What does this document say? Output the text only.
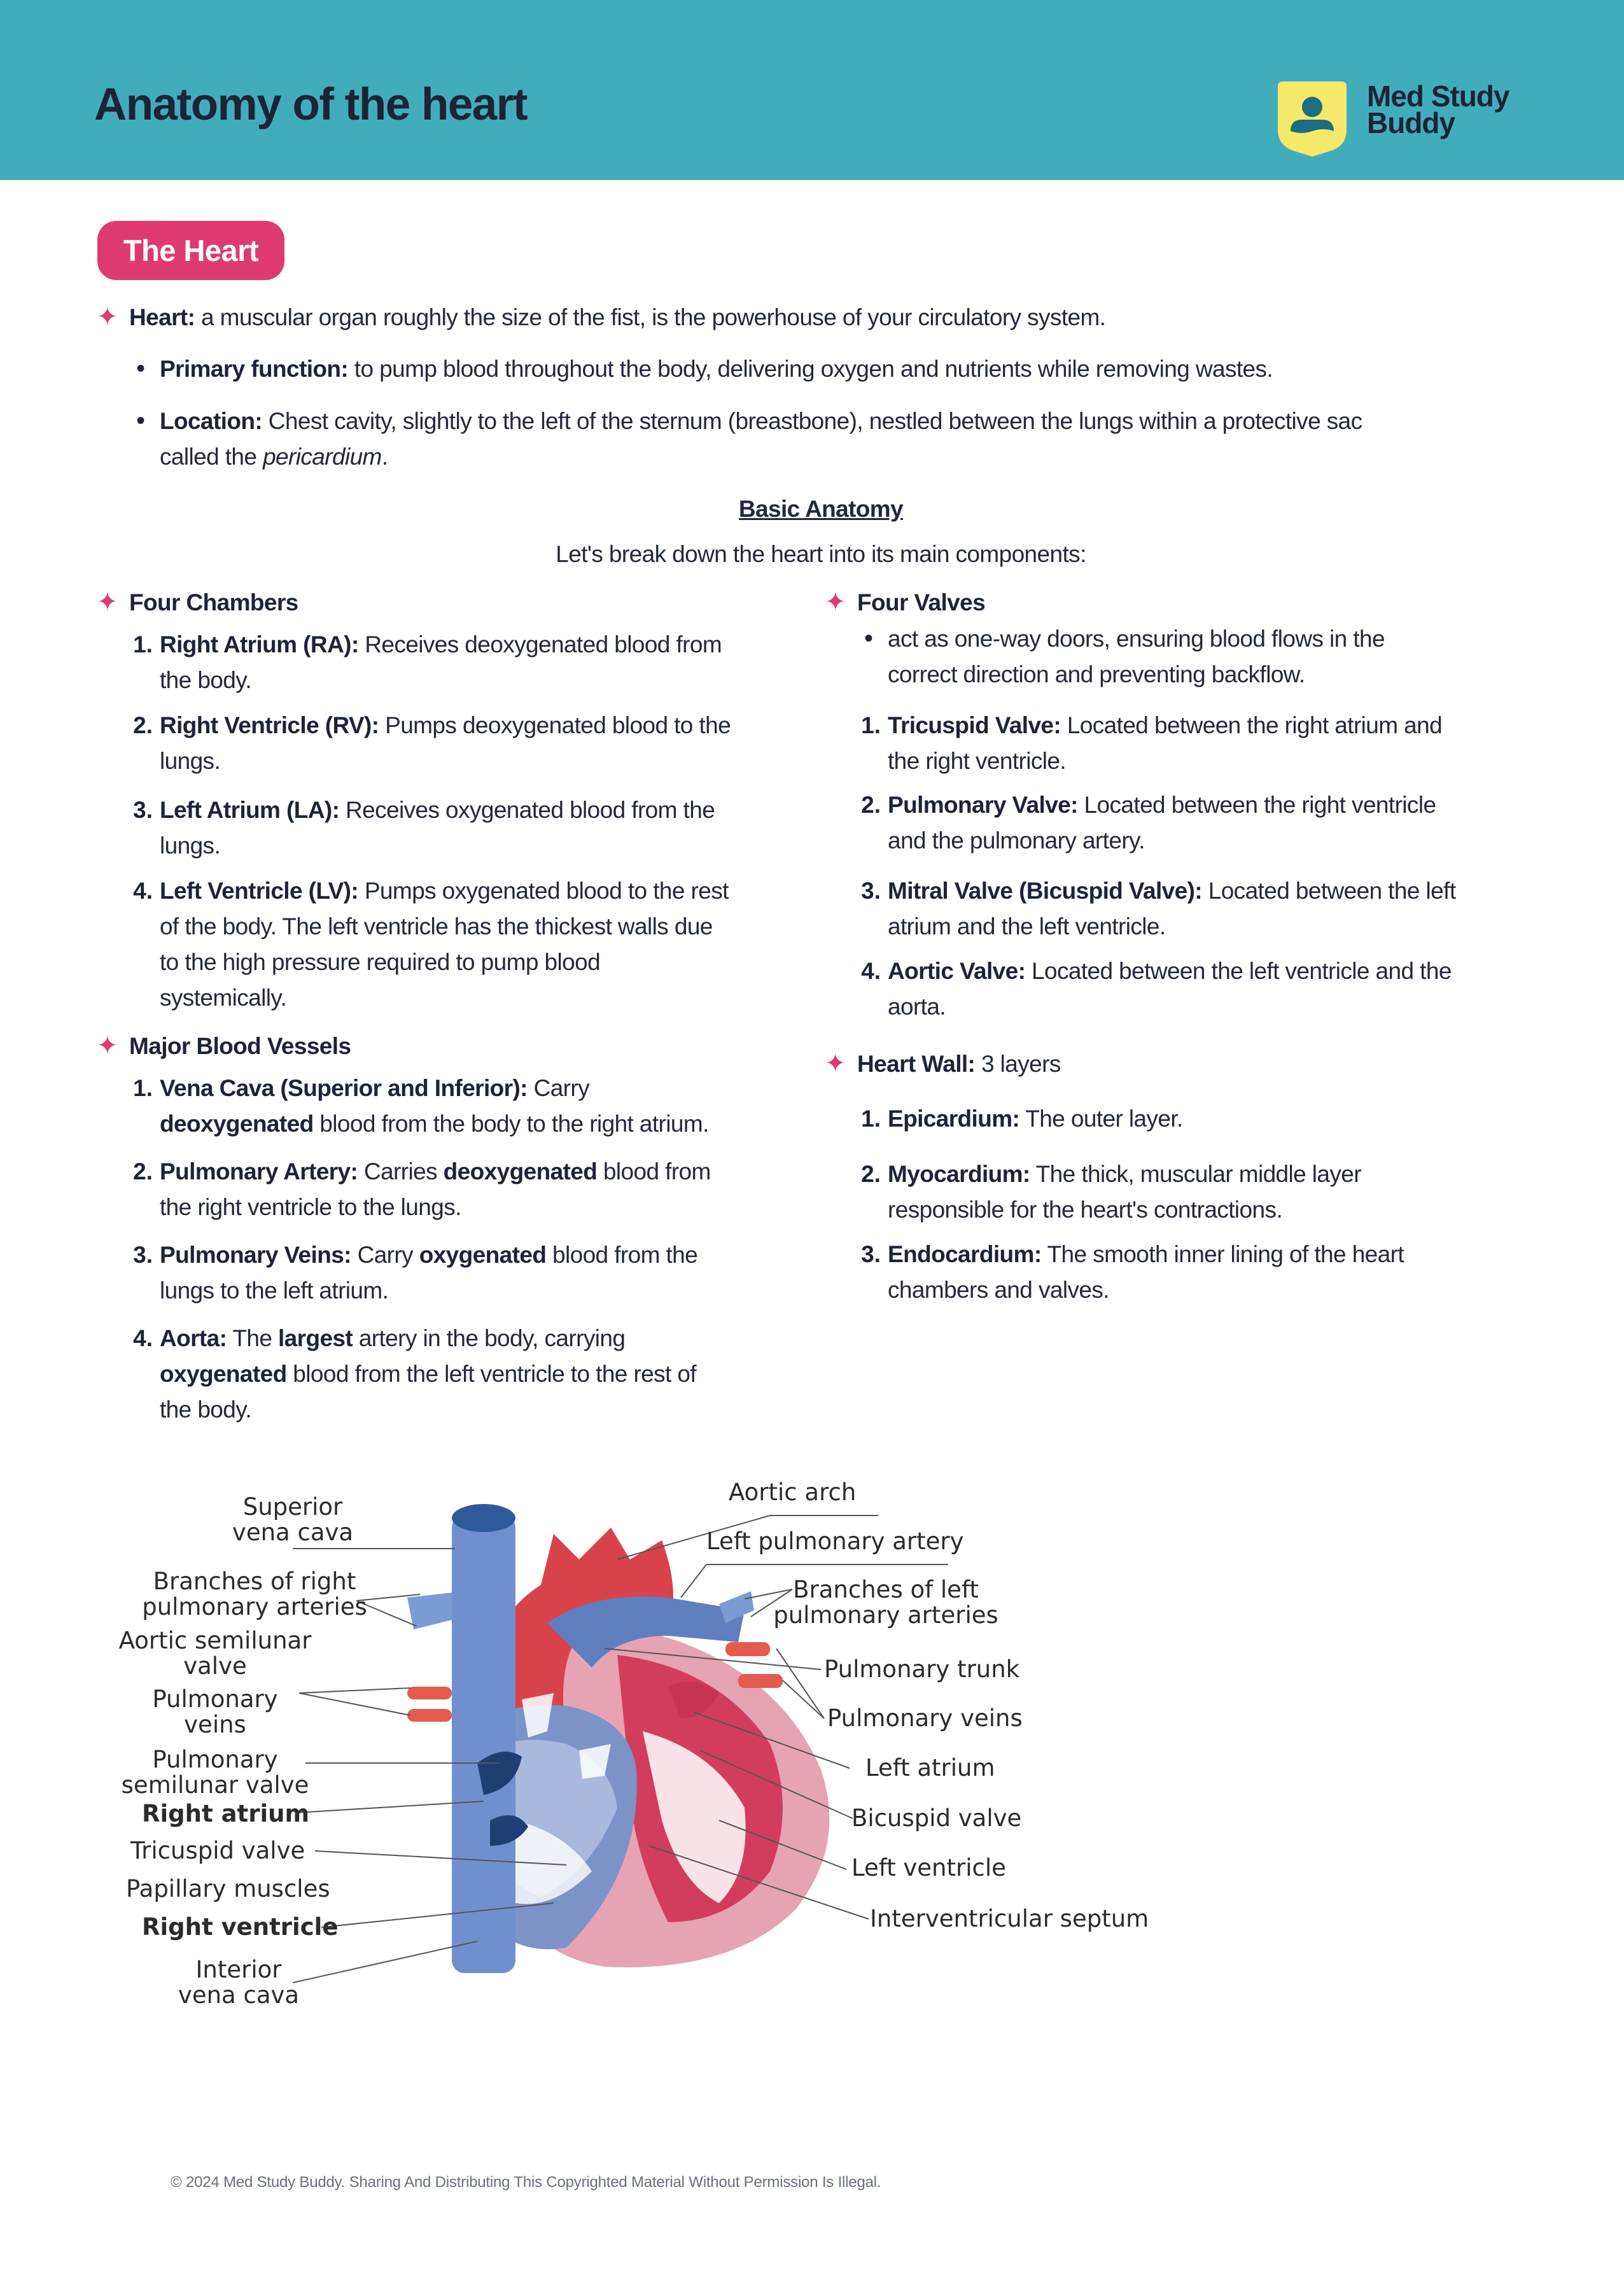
Anatomy of the heart	Med Study
Buddy
The Heart
✦ Heart: a muscular organ roughly the size of the fist, is the powerhouse of your circulatory system.
• Primary function: to pump blood throughout the body, delivering oxygen and nutrients while removing wastes.
• Location: Chest cavity, slightly to the left of the sternum (breastbone), nestled between the lungs within a protective sac
called the pericardium.
Basic Anatomy
Let's break down the heart into its main components:
✦ Four Chambers
1. Right Atrium (RA): Receives deoxygenated blood from
the body.
2. Right Ventricle (RV): Pumps deoxygenated blood to the
lungs.
3. Left Atrium (LA): Receives oxygenated blood from the
lungs.
4. Left Ventricle (LV): Pumps oxygenated blood to the rest
of the body. The left ventricle has the thickest walls due
to the high pressure required to pump blood
systemically.
✦ Major Blood Vessels
1. Vena Cava (Superior and Inferior): Carry
deoxygenated blood from the body to the right atrium.
2. Pulmonary Artery: Carries deoxygenated blood from
the right ventricle to the lungs.
3. Pulmonary Veins: Carry oxygenated blood from the
lungs to the left atrium.
4. Aorta: The largest artery in the body, carrying
oxygenated blood from the left ventricle to the rest of
the body.
✦ Four Valves
• act as one-way doors, ensuring blood flows in the
correct direction and preventing backflow.
1. Tricuspid Valve: Located between the right atrium and
the right ventricle.
2. Pulmonary Valve: Located between the right ventricle
and the pulmonary artery.
3. Mitral Valve (Bicuspid Valve): Located between the left
atrium and the left ventricle.
4. Aortic Valve: Located between the left ventricle and the
aorta.
✦ Heart Wall: 3 layers
1. Epicardium: The outer layer.
2. Myocardium: The thick, muscular middle layer
responsible for the heart's contractions.
3. Endocardium: The smooth inner lining of the heart
chambers and valves.
Superior
vena cava
Branches of right
pulmonary arteries
Aortic semilunar
valve
Pulmonary
veins
Pulmonary
semilunar valve
Right atrium
Tricuspid valve
Papillary muscles
Right ventricle
Interior
vena cava
Aortic arch
Left pulmonary artery
Branches of left
pulmonary arteries
Pulmonary trunk
Pulmonary veins
Left atrium
Bicuspid valve
Left ventricle
Interventricular septum
© 2024 Med Study Buddy. Sharing And Distributing This Copyrighted Material Without Permission Is Illegal.
